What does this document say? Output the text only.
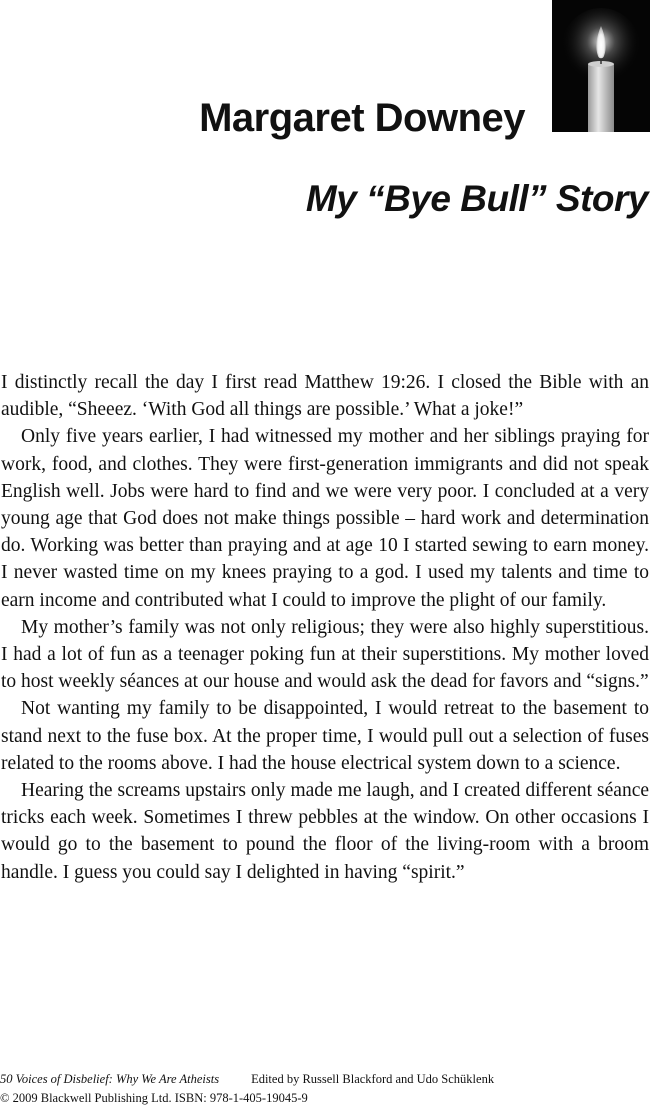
Margaret Downey
My “Bye Bull” Story

I distinctly recall the day I first read Matthew 19:26. I closed the Bible with an audible, “Sheeez. ‘With God all things are possible.’ What a joke!”

Only five years earlier, I had witnessed my mother and her siblings praying for work, food, and clothes. They were first-generation immigrants and did not speak English well. Jobs were hard to find and we were very poor. I concluded at a very young age that God does not make things possible – hard work and determination do. Working was better than praying and at age 10 I started sewing to earn money. I never wasted time on my knees praying to a god. I used my talents and time to earn income and contributed what I could to improve the plight of our family.

My mother’s family was not only religious; they were also highly superstitious. I had a lot of fun as a teenager poking fun at their superstitions. My mother loved to host weekly séances at our house and would ask the dead for favors and “signs.”

Not wanting my family to be disappointed, I would retreat to the basement to stand next to the fuse box. At the proper time, I would pull out a selection of fuses related to the rooms above. I had the house electrical system down to a science.

Hearing the screams upstairs only made me laugh, and I created different séance tricks each week. Sometimes I threw pebbles at the window. On other occasions I would go to the basement to pound the floor of the living-room with a broom handle. I guess you could say I delighted in having “spirit.”

50 Voices of Disbelief: Why We Are Atheists	Edited by Russell Blackford and Udo Schüklenk
© 2009 Blackwell Publishing Ltd. ISBN: 978-1-405-19045-9
